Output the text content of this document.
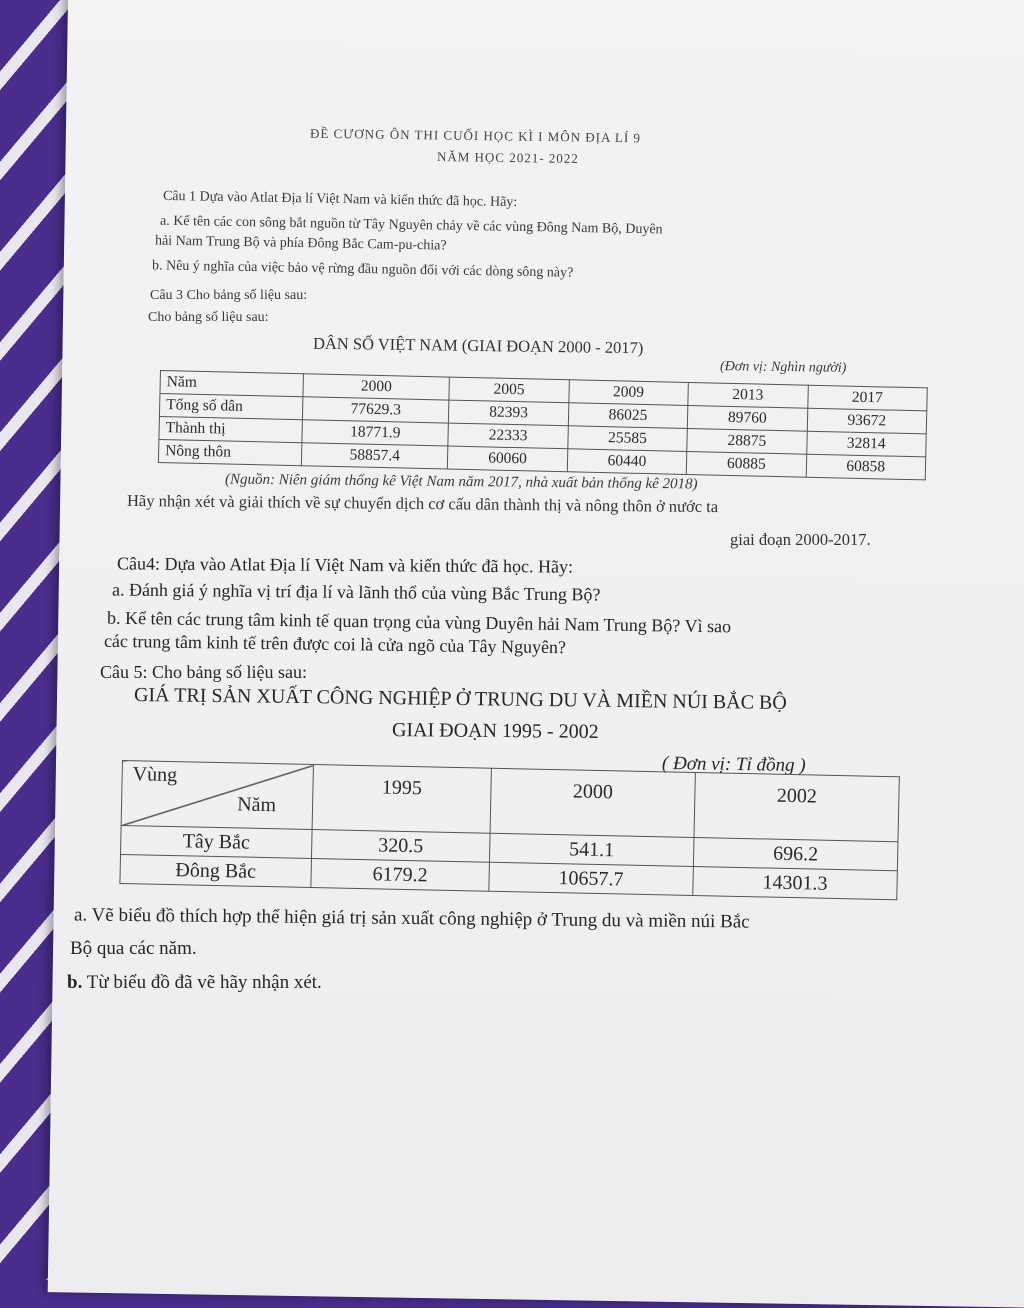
ĐỀ CƯƠNG ÔN THI CUỐI HỌC KÌ I MÔN ĐỊA LÍ 9
NĂM HỌC 2021- 2022
Câu 1 Dựa vào Atlat Địa lí Việt Nam và kiến thức đã học. Hãy:
a. Kể tên các con sông bắt nguồn từ Tây Nguyên chảy về các vùng Đông Nam Bộ, Duyên
hải Nam Trung Bộ và phía Đông Bắc Cam-pu-chia?
b. Nêu ý nghĩa của việc bảo vệ rừng đầu nguồn đối với các dòng sông này?
Câu 3 Cho bảng số liệu sau:
Cho bảng số liệu sau:
DÂN SỐ VIỆT NAM (GIAI ĐOẠN 2000 - 2017)
(Đơn vị: Nghìn người)
Năm	2000	2005	2009	2013	2017
Tổng số dân	77629.3	82393	86025	89760	93672
Thành thị	18771.9	22333	25585	28875	32814
Nông thôn	58857.4	60060	60440	60885	60858
(Nguồn: Niên giám thống kê Việt Nam năm 2017, nhà xuất bản thống kê 2018)
Hãy nhận xét và giải thích về sự chuyển dịch cơ cấu dân thành thị và nông thôn ở nước ta
giai đoạn 2000-2017.
Câu4: Dựa vào Atlat Địa lí Việt Nam và kiến thức đã học. Hãy:
a. Đánh giá ý nghĩa vị trí địa lí và lãnh thổ của vùng Bắc Trung Bộ?
b. Kể tên các trung tâm kinh tế quan trọng của vùng Duyên hải Nam Trung Bộ? Vì sao
các trung tâm kinh tế trên được coi là cửa ngõ của Tây Nguyên?
Câu 5: Cho bảng số liệu sau:
GIÁ TRỊ SẢN XUẤT CÔNG NGHIỆP Ở TRUNG DU VÀ MIỀN NÚI BẮC BỘ
GIAI ĐOẠN 1995 - 2002
( Đơn vị: Tỉ đồng )
Năm
Vùng	1995	2000	2002
Tây Bắc	320.5	541.1	696.2
Đông Bắc	6179.2	10657.7	14301.3
a. Vẽ biểu đồ thích hợp thể hiện giá trị sản xuất công nghiệp ở Trung du và miền núi Bắc
Bộ qua các năm.
b. Từ biểu đồ đã vẽ hãy nhận xét.
